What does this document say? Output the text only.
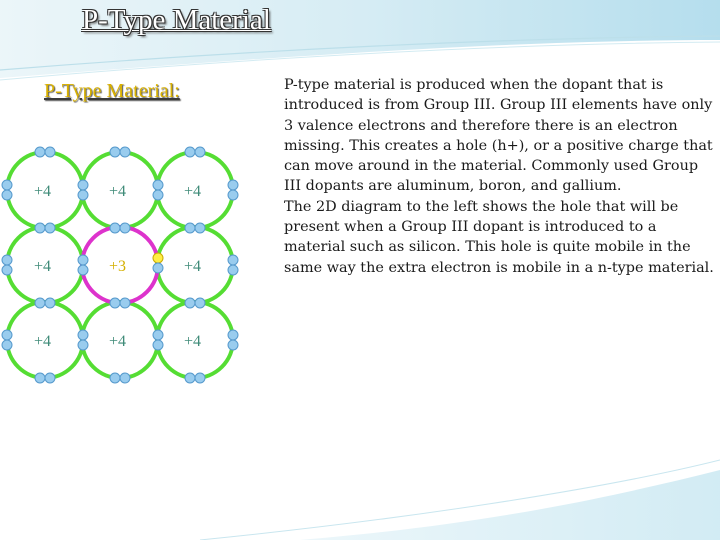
P-Type Material
P-Type Material:
+4	+4	+4
+4	+3	+4
+4	+4	+4

P-type material is produced when the dopant that is introduced is from Group III. Group III elements have only 3 valence electrons and therefore there is an electron missing. This creates a hole (h+), or a positive charge that can move around in the material. Commonly used Group III dopants are aluminum, boron, and gallium.

The 2D diagram to the left shows the hole that will be present when a Group III dopant is introduced to a material such as silicon. This hole is quite mobile in the same way the extra electron is mobile in a n-type material.
